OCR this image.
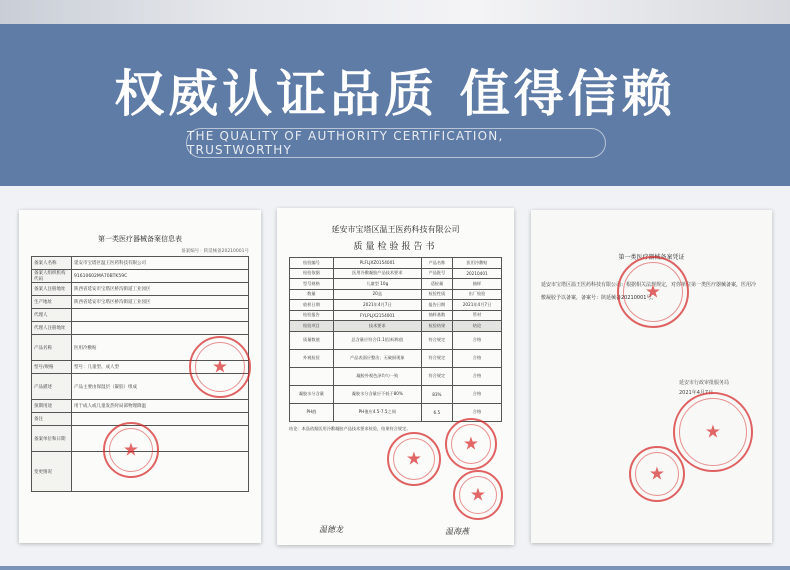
权威认证品质 值得信赖
THE QUALITY OF AUTHORITY CERTIFICATION, TRUSTWORTHY
第一类医疗器械备案信息表
备案编号：陕延械备20210001号
备案人名称	延安市宝塔区温王医药科技有限公司
备案人组织机构代码	91610602MA70BTK59C
备案人注册地址	陕西省延安市宝塔区桥沟街道工业园区
生产地址	陕西省延安市宝塔区桥沟街道工业园区
代理人	
代理人注册地址	
产品名称	医用冷敷贴
型号/规格	型号：儿童型、成人型
产品描述	产品主要由保湿层（凝胶）组成
预期用途	用于成人或儿童发热时局部物理降温
备注	
备案单位和日期	
变更情况	
★
★
延安市宝塔区温王医药科技有限公司
质量检验报告书
检验编号	PLFLJXZ0154001	产品名称	医用冷敷贴
检验依据	医用冷敷凝胶产品技术要求	产品批号	20210401
型号规格	儿童型 10g	适检量	抽样
数量	20盒	检验性质	出厂检验
收样日期	2021年4月7日	报告日期	2021年4月7日
检验报告	FYLPLJX2154001	抽样基数	管材
检验项目	技术要求	检验结果	结论
质量数值	总含量应符合(1.1倍)标称值	符合规定	合格
外观检验	产品表面应整洁；无破损现象	符合规定	合格
	凝胶外观色泽均匀一致	符合规定	合格
凝胶水分含量	凝胶水分含量应不低于80%	83%	合格
PH值	PH值应4.5-7.5之间	6.5	合格
结论：本品依据医用冷敷凝胶产品技术要求检验，结果符合规定。
温德龙	温海燕
★
★
★
第一类医疗器械备案凭证
延安市宝塔区温王医药科技有限公司：根据相关法规规定，对你单位第一类医疗器械备案，医用冷敷凝胶予以备案，备案号：陕延械备20210001号。
延安市行政审批服务局
2021年4月7日
★
★
★
